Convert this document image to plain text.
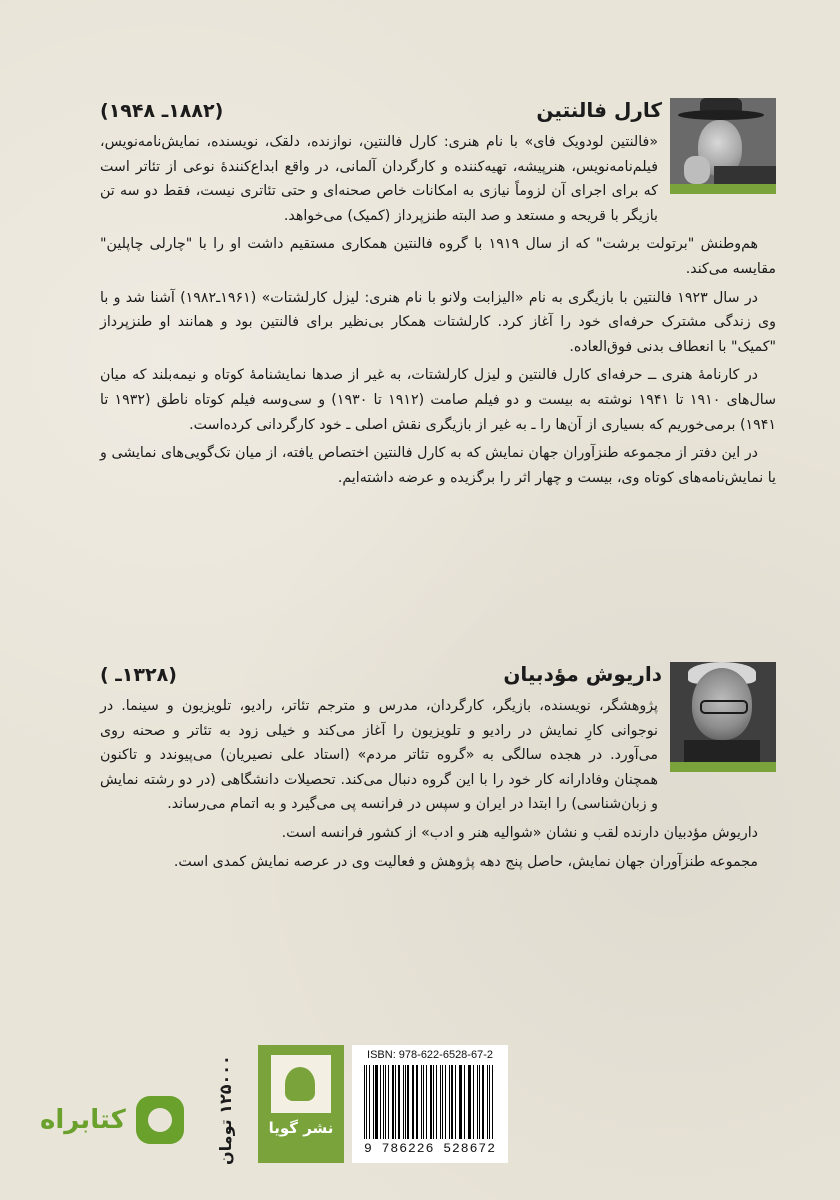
کارل فالنتین
(۱۸۸۲ـ ۱۹۴۸)

«فالنتین لودویک فای» با نام هنری: کارل فالنتین، نوازنده، دلقک، نویسنده، نمایش‌نامه‌نویس، فیلم‌نامه‌نویس، هنرپیشه، تهیه‌کننده و کارگردان آلمانی، در واقع ابداع‌کنندهٔ نوعی از تئاتر است که برای اجرای آن لزوماً نیازی به امکانات خاص صحنه‌ای و حتی تئاتری نیست، فقط دو سه تن بازیگر با قریحه و مستعد و صد البته طنزپرداز (کمیک) می‌خواهد.

هم‌وطنش "برتولت برشت" که از سال ۱۹۱۹ با گروه فالنتین همکاری مستقیم داشت او را با "چارلی چاپلین" مقایسه می‌کند.

در سال ۱۹۲۳ فالنتین با بازیگری به نام «الیزابت ولانو با نام هنری: لیزل کارلشتات» (۱۹۶۱ـ۱۹۸۲) آشنا شد و با وی زندگی مشترک حرفه‌ای خود را آغاز کرد. کارلشتات همکار بی‌نظیر برای فالنتین بود و همانند او طنزپرداز "کمیک" با انعطاف بدنی فوق‌العاده.

در کارنامهٔ هنری ــ حرفه‌ای کارل فالنتین و لیزل کارلشتات، به غیر از صدها نمایشنامهٔ کوتاه و نیمه‌بلند که میان سال‌های ۱۹۱۰ تا ۱۹۴۱ نوشته به بیست و دو فیلم صامت (۱۹۱۲ تا ۱۹۳۰) و سی‌وسه فیلم کوتاه ناطق (۱۹۳۲ تا ۱۹۴۱) برمی‌خوریم که بسیاری از آن‌ها را ـ به غیر از بازیگری نقش اصلی ـ خود کارگردانی کرده‌است.

در این دفتر از مجموعه طنزآوران جهان نمایش که به کارل فالنتین اختصاص یافته، از میان تک‌گویی‌های نمایشی و یا نمایش‌نامه‌های کوتاه وی، بیست و چهار اثر را برگزیده و عرضه داشته‌ایم.

داریوش مؤدبیان
(۱۳۲۸ـ )

پژوهشگر، نویسنده، بازیگر، کارگردان، مدرس و مترجم تئاتر، رادیو، تلویزیون و سینما. در نوجوانی کارِ نمایش در رادیو و تلویزیون را آغاز می‌کند و خیلی زود به تئاتر و صحنه روی می‌آورد. در هجده سالگی به «گروه تئاتر مردم» (استاد علی نصیریان) می‌پیوندد و تاکنون همچنان وفادارانه کار خود را با این گروه دنبال می‌کند. تحصیلات دانشگاهی (در دو رشته نمایش و زبان‌شناسی) را ابتدا در ایران و سپس در فرانسه پی می‌گیرد و به اتمام می‌رساند.

داریوش مؤدبیان دارنده لقب و نشان «شوالیه هنر و ادب» از کشور فرانسه است.

مجموعه طنزآوران جهان نمایش، حاصل پنج دهه پژوهش و فعالیت وی در عرصه نمایش کمدی است.

کتابراه	۱۲۵۰۰۰ تومان
نشر گویا
ISBN: 978-622-6528-67-2
9 786226 528672
